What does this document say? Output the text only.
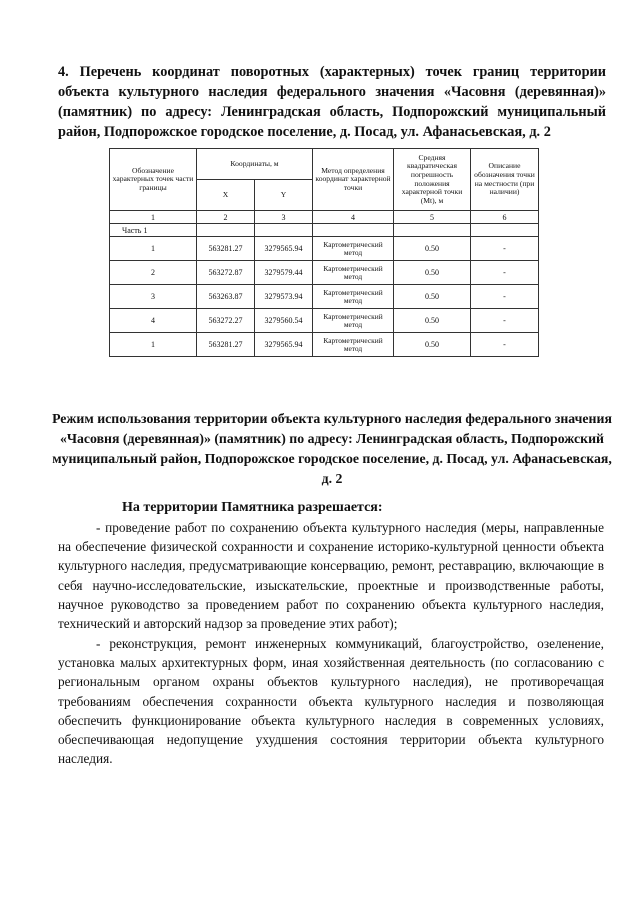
4. Перечень координат поворотных (характерных) точек границ территории объекта культурного наследия федерального значения «Часовня (деревянная)» (памятник) по адресу: Ленинградская область, Подпорожский муниципальный район, Подпорожское городское поселение, д. Посад, ул. Афанасьевская, д. 2
Обозначение характерных точек части границы	Координаты, м		Метод определения координат характерной точки	Средняя квадратическая погрешность положения характерной точки (Mt), м	Описание обозначения точки на местности (при наличии)
	X	Y			
1	2	3	4	5	6
Часть 1					
1	563281.27	3279565.94	Картометрический метод	0.50	-
2	563272.87	3279579.44	Картометрический метод	0.50	-
3	563263.87	3279573.94	Картометрический метод	0.50	-
4	563272.27	3279560.54	Картометрический метод	0.50	-
1	563281.27	3279565.94	Картометрический метод	0.50	-
Режим использования территории объекта культурного наследия федерального значения «Часовня (деревянная)» (памятник) по адресу: Ленинградская область, Подпорожский муниципальный район, Подпорожское городское поселение, д. Посад, ул. Афанасьевская, д. 2
На территории Памятника разрешается:

- проведение работ по сохранению объекта культурного наследия (меры, направленные на обеспечение физической сохранности и сохранение историко-культурной ценности объекта культурного наследия, предусматривающие консервацию, ремонт, реставрацию, включающие в себя научно-исследовательские, изыскательские, проектные и производственные работы, научное руководство за проведением работ по сохранению объекта культурного наследия, технический и авторский надзор за проведение этих работ);

- реконструкция, ремонт инженерных коммуникаций, благоустройство, озеленение, установка малых архитектурных форм, иная хозяйственная деятельность (по согласованию с региональным органом охраны объектов культурного наследия), не противоречащая требованиям обеспечения сохранности объекта культурного наследия и позволяющая обеспечить функционирование объекта культурного наследия в современных условиях, обеспечивающая недопущение ухудшения состояния территории объекта культурного наследия.
